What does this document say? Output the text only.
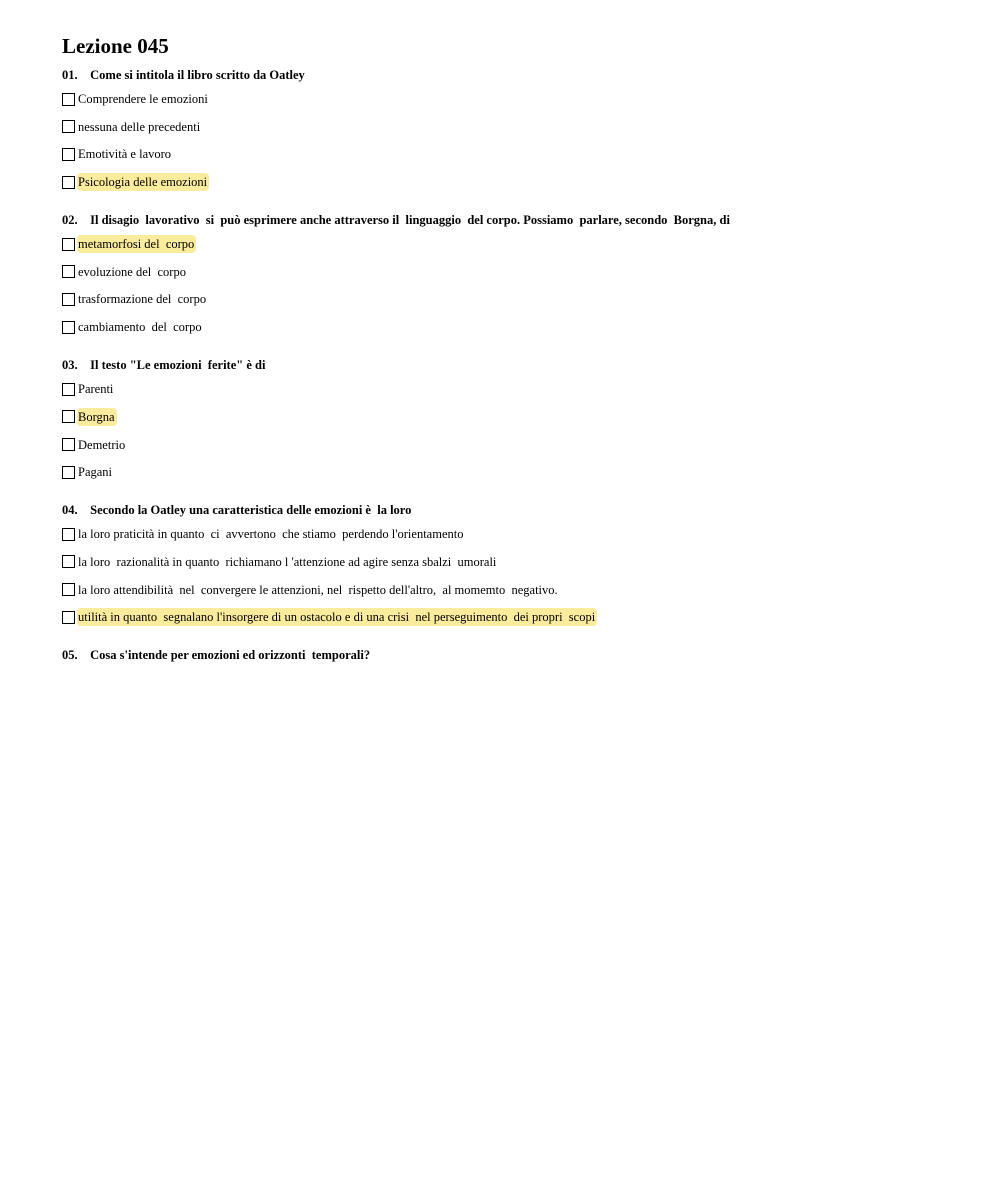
Lezione 045
01. Come si intitola il libro scritto da Oatley
Comprendere le emozioni
nessuna delle precedenti
Emotività e lavoro
Psicologia delle emozioni
02. Il disagio  lavorativo  si  può esprimere anche attraverso il  linguaggio  del corpo. Possiamo  parlare, secondo  Borgna, di
metamorfosi del  corpo
evoluzione del  corpo
trasformazione del  corpo
cambiamento  del  corpo
03. Il testo "Le emozioni  ferite" è di
Parenti
Borgna
Demetrio
Pagani
04. Secondo la Oatley una caratteristica delle emozioni è  la loro
la loro praticità in quanto  ci  avvertono  che stiamo  perdendo l'orientamento
la loro  razionalità in quanto  richiamano l 'attenzione ad agire senza sbalzi  umorali
la loro attendibilità  nel  convergere le attenzioni, nel  rispetto dell'altro,  al momemto  negativo.
utilità in quanto  segnalano l'insorgere di un ostacolo e di una crisi  nel perseguimento  dei propri  scopi
05. Cosa s'intende per emozioni ed orizzonti  temporali?
